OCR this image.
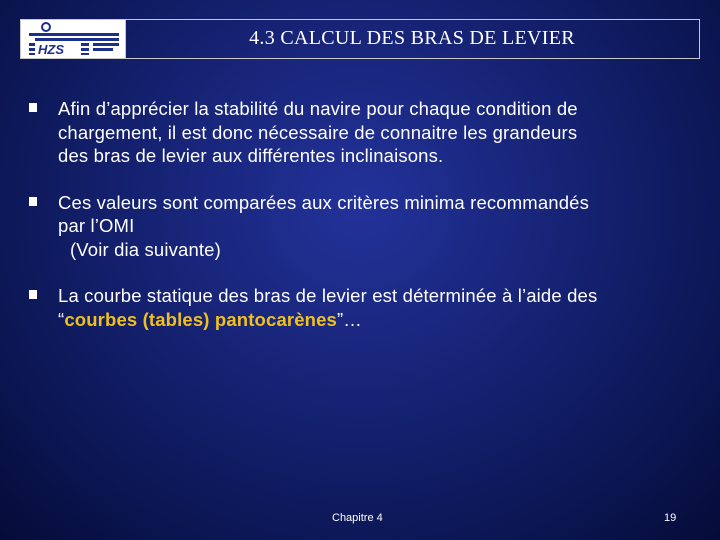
HZS
4.3 CALCUL DES BRAS DE LEVIER
Afin d’apprécier la stabilité du navire pour chaque condition de
chargement, il est donc nécessaire de connaitre les grandeurs
des bras de levier aux différentes inclinaisons.
Ces valeurs sont comparées aux critères minima recommandés
par l’OMI
(Voir dia suivante)
La courbe statique des bras de levier est déterminée à l’aide des
“courbes (tables) pantocarènes”…
Chapitre 4	19
